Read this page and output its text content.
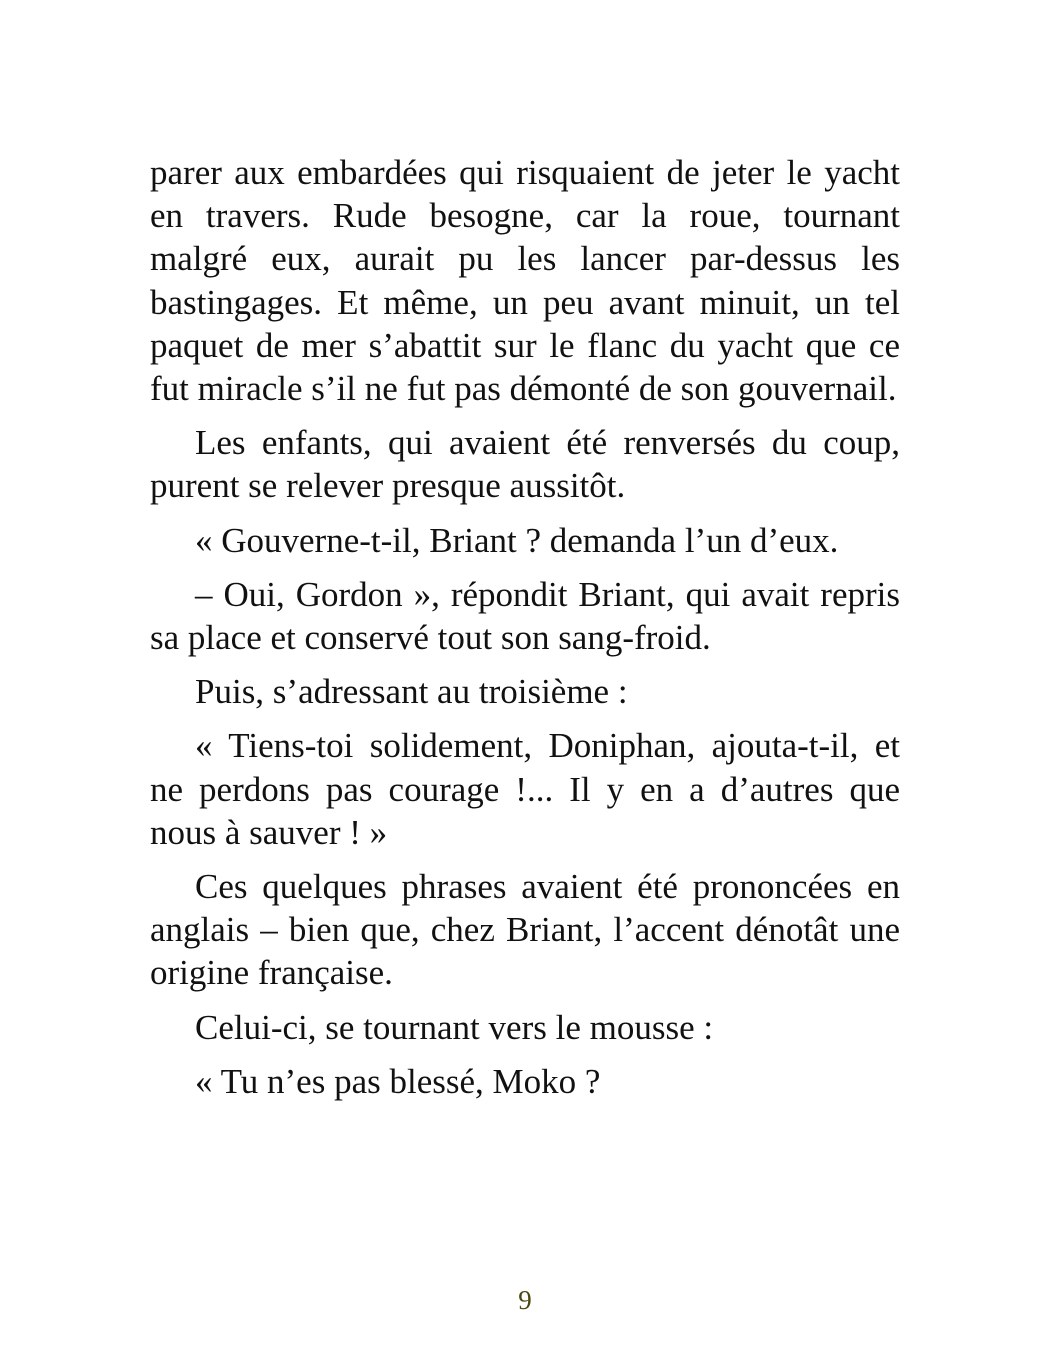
parer aux embardées qui risquaient de jeter le yacht en travers. Rude besogne, car la roue, tournant malgré eux, aurait pu les lancer par-dessus les bastingages. Et même, un peu avant minuit, un tel paquet de mer s’abattit sur le flanc du yacht que ce fut miracle s’il ne fut pas démonté de son gouvernail.

Les enfants, qui avaient été renversés du coup, purent se relever presque aussitôt.

« Gouverne-t-il, Briant ? demanda l’un d’eux.

– Oui, Gordon », répondit Briant, qui avait repris sa place et conservé tout son sang-froid.

Puis, s’adressant au troisième :

« Tiens-toi solidement, Doniphan, ajouta-t-il, et ne perdons pas courage !... Il y en a d’autres que nous à sauver ! »

Ces quelques phrases avaient été prononcées en anglais – bien que, chez Briant, l’accent dénotât une origine française.

Celui-ci, se tournant vers le mousse :

« Tu n’es pas blessé, Moko ?

9
